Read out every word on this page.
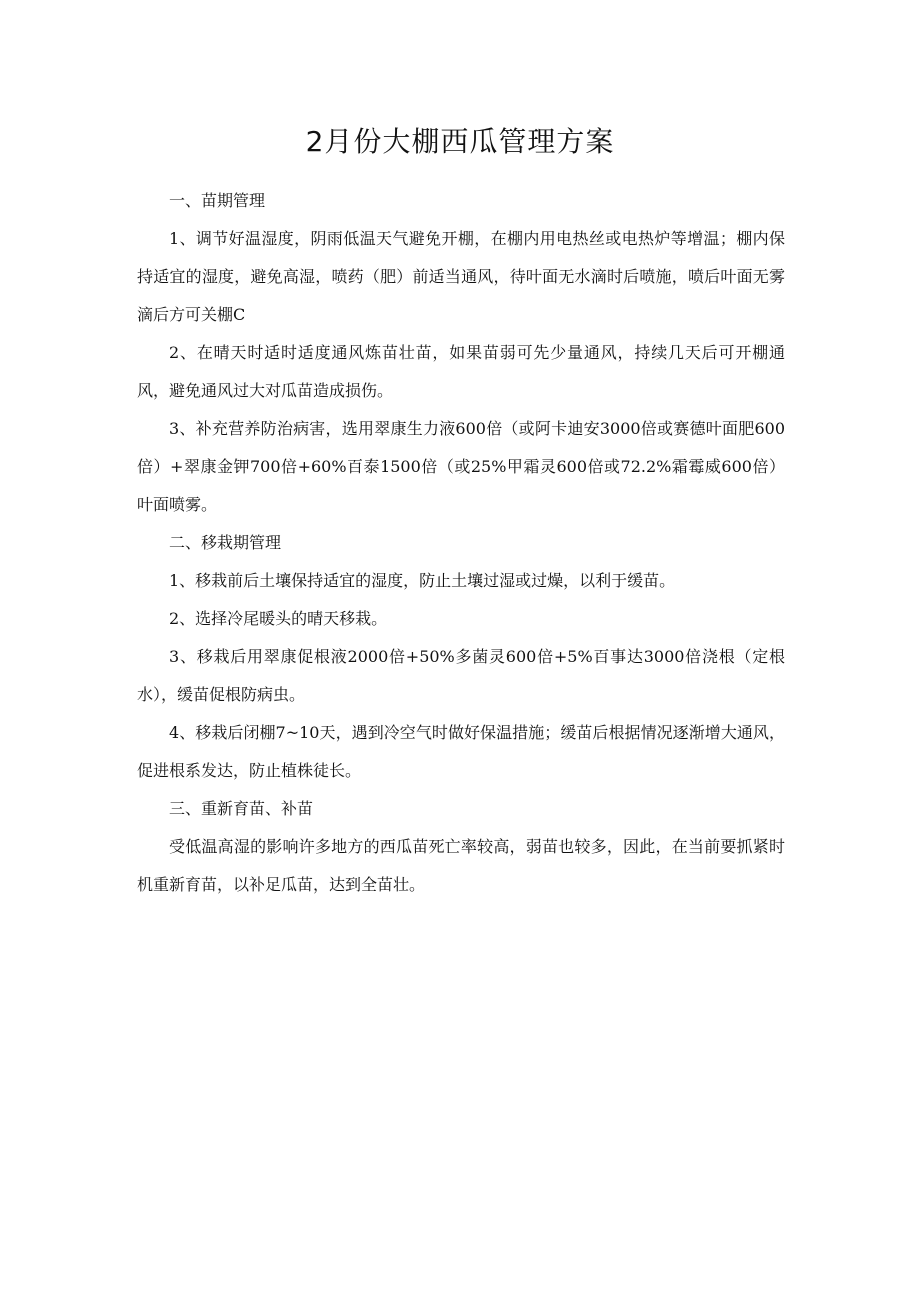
2月份大棚西瓜管理方案

一、苗期管理

1、调节好温湿度，阴雨低温天气避免开棚，在棚内用电热丝或电热炉等增温；棚内保持适宜的湿度，避免高湿，喷药（肥）前适当通风，待叶面无水滴时后喷施，喷后叶面无雾滴后方可关棚C

2、在晴天时适时适度通风炼苗壮苗，如果苗弱可先少量通风，持续几天后可开棚通风，避免通风过大对瓜苗造成损伤。

3、补充营养防治病害，选用翠康生力液600倍（或阿卡迪安3000倍或赛德叶面肥600倍）+翠康金钾700倍+60%百泰1500倍（或25%甲霜灵600倍或72.2%霜霉威600倍）叶面喷雾。

二、移栽期管理

1、移栽前后土壤保持适宜的湿度，防止土壤过湿或过燥，以利于缓苗。

2、选择冷尾暖头的晴天移栽。

3、移栽后用翠康促根液2000倍+50%多菌灵600倍+5%百事达3000倍浇根（定根水），缓苗促根防病虫。

4、移栽后闭棚7~10天，遇到冷空气时做好保温措施；缓苗后根据情况逐渐增大通风，促进根系发达，防止植株徒长。

三、重新育苗、补苗

受低温高湿的影响许多地方的西瓜苗死亡率较高，弱苗也较多，因此，在当前要抓紧时机重新育苗，以补足瓜苗，达到全苗壮。
